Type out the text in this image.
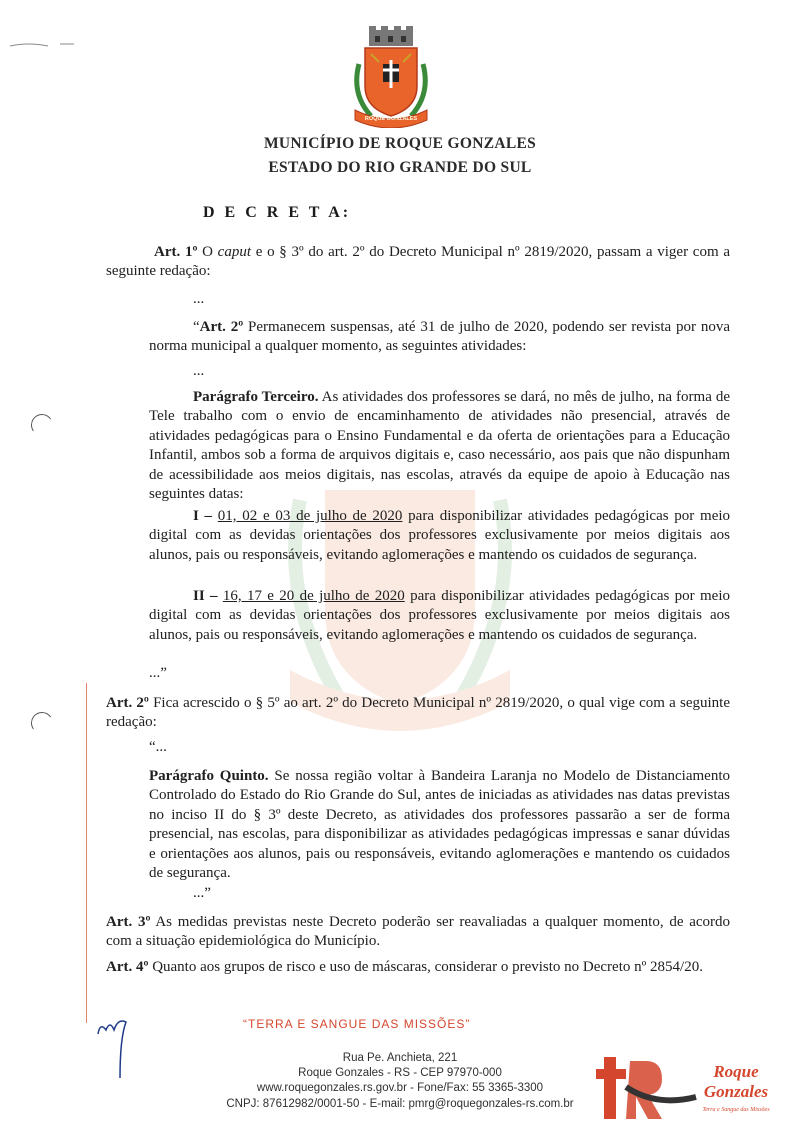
ROQUE GONZALES
MUNICÍPIO DE ROQUE GONZALES
ESTADO DO RIO GRANDE DO SUL
D E C R E T A:
Art. 1º O caput e o § 3º do art. 2º do Decreto Municipal nº 2819/2020, passam a viger com a seguinte redação:
...
“Art. 2º Permanecem suspensas, até 31 de julho de 2020, podendo ser revista por nova norma municipal a qualquer momento, as seguintes atividades:
...
Parágrafo Terceiro. As atividades dos professores se dará, no mês de julho, na forma de Tele trabalho com o envio de encaminhamento de atividades não presencial, através de atividades pedagógicas para o Ensino Fundamental e da oferta de orientações para a Educação Infantil, ambos sob a forma de arquivos digitais e, caso necessário, aos pais que não dispunham de acessibilidade aos meios digitais, nas escolas, através da equipe de apoio à Educação nas seguintes datas:
I – 01, 02 e 03 de julho de 2020 para disponibilizar atividades pedagógicas por meio digital com as devidas orientações dos professores exclusivamente por meios digitais aos alunos, pais ou responsáveis, evitando aglomerações e mantendo os cuidados de segurança.
II – 16, 17 e 20 de julho de 2020 para disponibilizar atividades pedagógicas por meio digital com as devidas orientações dos professores exclusivamente por meios digitais aos alunos, pais ou responsáveis, evitando aglomerações e mantendo os cuidados de segurança.
...”
Art. 2º Fica acrescido o § 5º ao art. 2º do Decreto Municipal nº 2819/2020, o qual vige com a seguinte redação:
“...
Parágrafo Quinto. Se nossa região voltar à Bandeira Laranja no Modelo de Distanciamento Controlado do Estado do Rio Grande do Sul, antes de iniciadas as atividades nas datas previstas no inciso II do § 3º deste Decreto, as atividades dos professores passarão a ser de forma presencial, nas escolas, para disponibilizar as atividades pedagógicas impressas e sanar dúvidas e orientações aos alunos, pais ou responsáveis, evitando aglomerações e mantendo os cuidados de segurança.
...”
Art. 3º As medidas previstas neste Decreto poderão ser reavaliadas a qualquer momento, de acordo com a situação epidemiológica do Município.
Art. 4º Quanto aos grupos de risco e uso de máscaras, considerar o previsto no Decreto nº 2854/20.
“TERRA E SANGUE DAS MISSÕES”
Rua Pe. Anchieta, 221
Roque Gonzales - RS - CEP 97970-000
www.roquegonzales.rs.gov.br - Fone/Fax: 55 3365-3300
CNPJ: 87612982/0001-50 - E-mail: pmrg@roquegonzales-rs.com.br
Roque
Gonzales
Terra e Sangue das Missões
